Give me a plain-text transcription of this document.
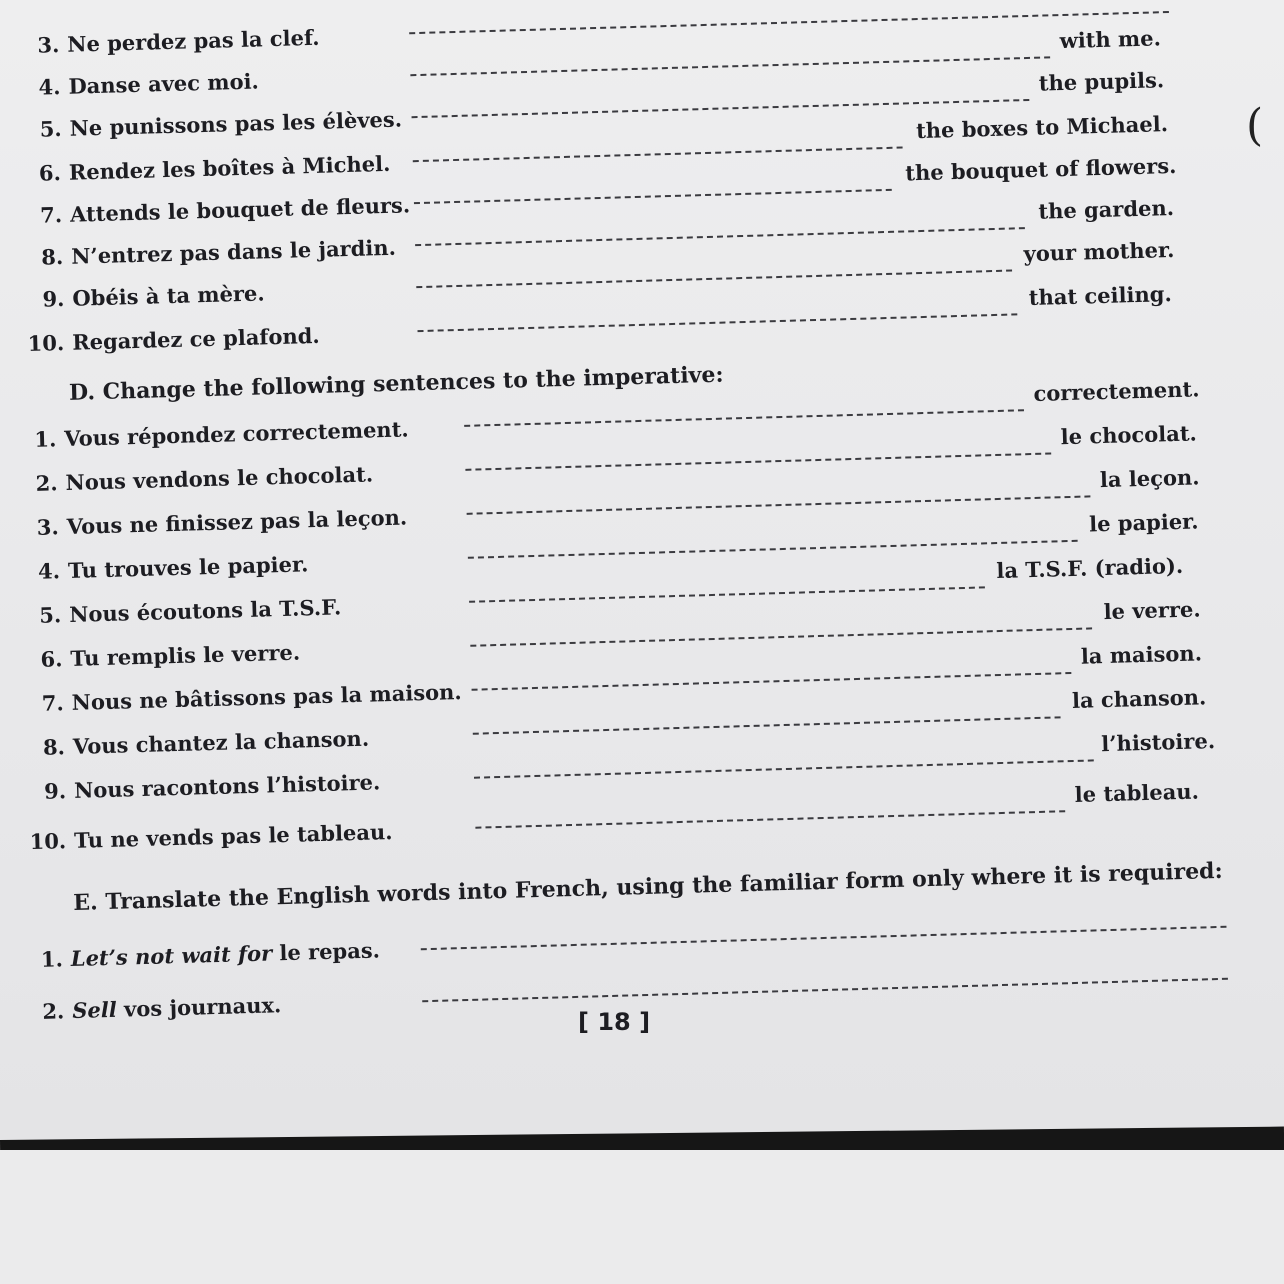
3. Ne perdez pas la clef.
4. Danse avec moi.
with me.
5. Ne punissons pas les élèves.
the pupils.
6. Rendez les boîtes à Michel.
the boxes to Michael.
7. Attends le bouquet de fleurs.
the bouquet of flowers.
8. N’entrez pas dans le jardin.
the garden.
9. Obéis à ta mère.
your mother.
10. Regardez ce plafond.
that ceiling.
D. Change the following sentences to the imperative:
1. Vous répondez correctement.
correctement.
2. Nous vendons le chocolat.
le chocolat.
3. Vous ne finissez pas la leçon.
la leçon.
4. Tu trouves le papier.
le papier.
5. Nous écoutons la T.S.F.
la T.S.F. (radio).
6. Tu remplis le verre.
le verre.
7. Nous ne bâtissons pas la maison.
la maison.
8. Vous chantez la chanson.
la chanson.
9. Nous racontons l’histoire.
l’histoire.
10. Tu ne vends pas le tableau.
le tableau.
E. Translate the English words into French, using the familiar form only where it is required:
1. Let’s not wait for le repas.
2. Sell vos journaux.
[ 18 ]
(
